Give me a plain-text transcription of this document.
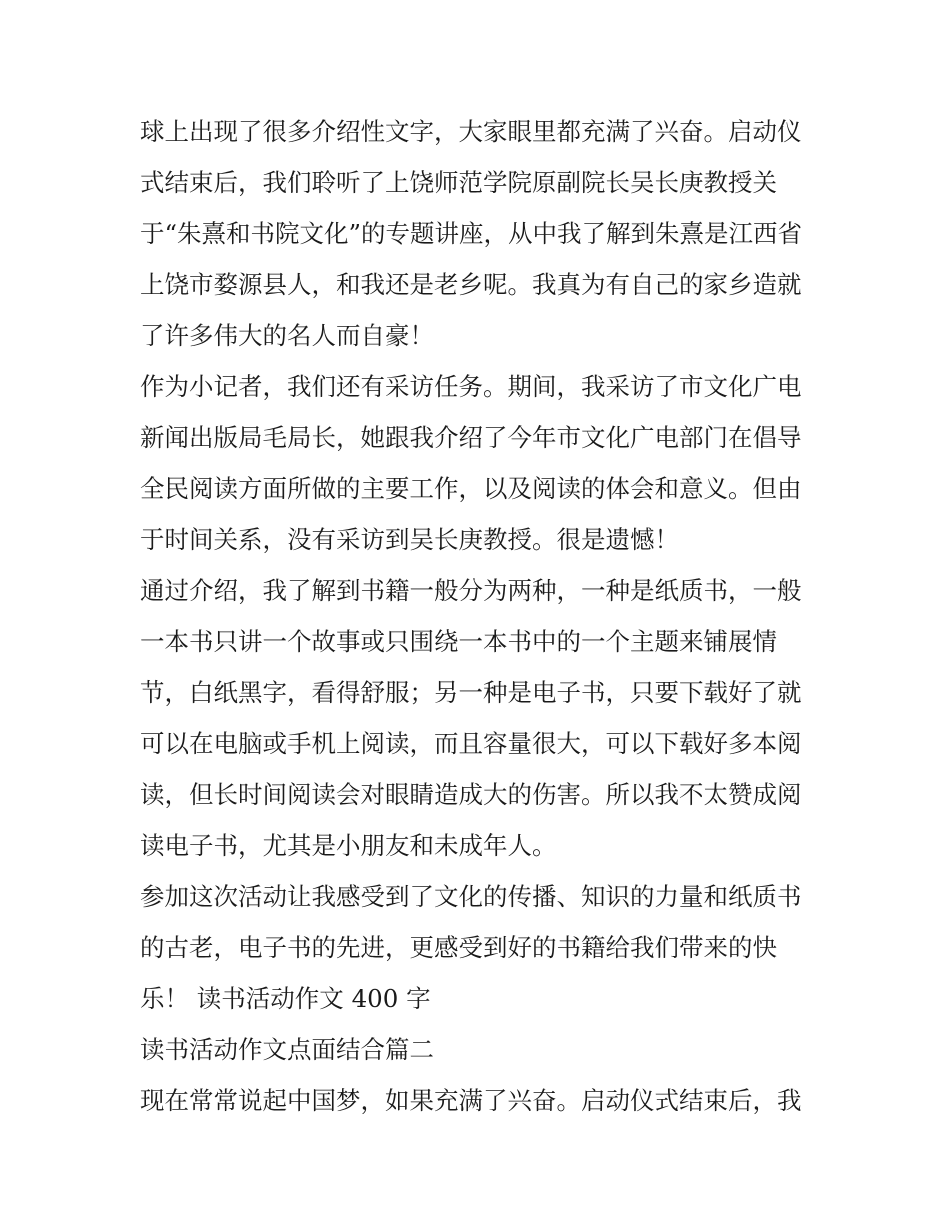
球上出现了很多介绍性文字，大家眼里都充满了兴奋。启动仪
式结束后，我们聆听了上饶师范学院原副院长吴长庚教授关
于“朱熹和书院文化”的专题讲座，从中我了解到朱熹是江西省
上饶市婺源县人，和我还是老乡呢。我真为有自己的家乡造就
了许多伟大的名人而自豪！
作为小记者，我们还有采访任务。期间，我采访了市文化广电
新闻出版局毛局长，她跟我介绍了今年市文化广电部门在倡导
全民阅读方面所做的主要工作，以及阅读的体会和意义。但由
于时间关系，没有采访到吴长庚教授。很是遗憾！
通过介绍，我了解到书籍一般分为两种，一种是纸质书，一般
一本书只讲一个故事或只围绕一本书中的一个主题来铺展情
节，白纸黑字，看得舒服；另一种是电子书，只要下载好了就
可以在电脑或手机上阅读，而且容量很大，可以下载好多本阅
读，但长时间阅读会对眼睛造成大的伤害。所以我不太赞成阅
读电子书，尤其是小朋友和未成年人。
参加这次活动让我感受到了文化的传播、知识的力量和纸质书
的古老，电子书的先进，更感受到好的书籍给我们带来的快
乐！ 读书活动作文 400 字
读书活动作文点面结合篇二
现在常常说起中国梦，如果充满了兴奋。启动仪式结束后，我
